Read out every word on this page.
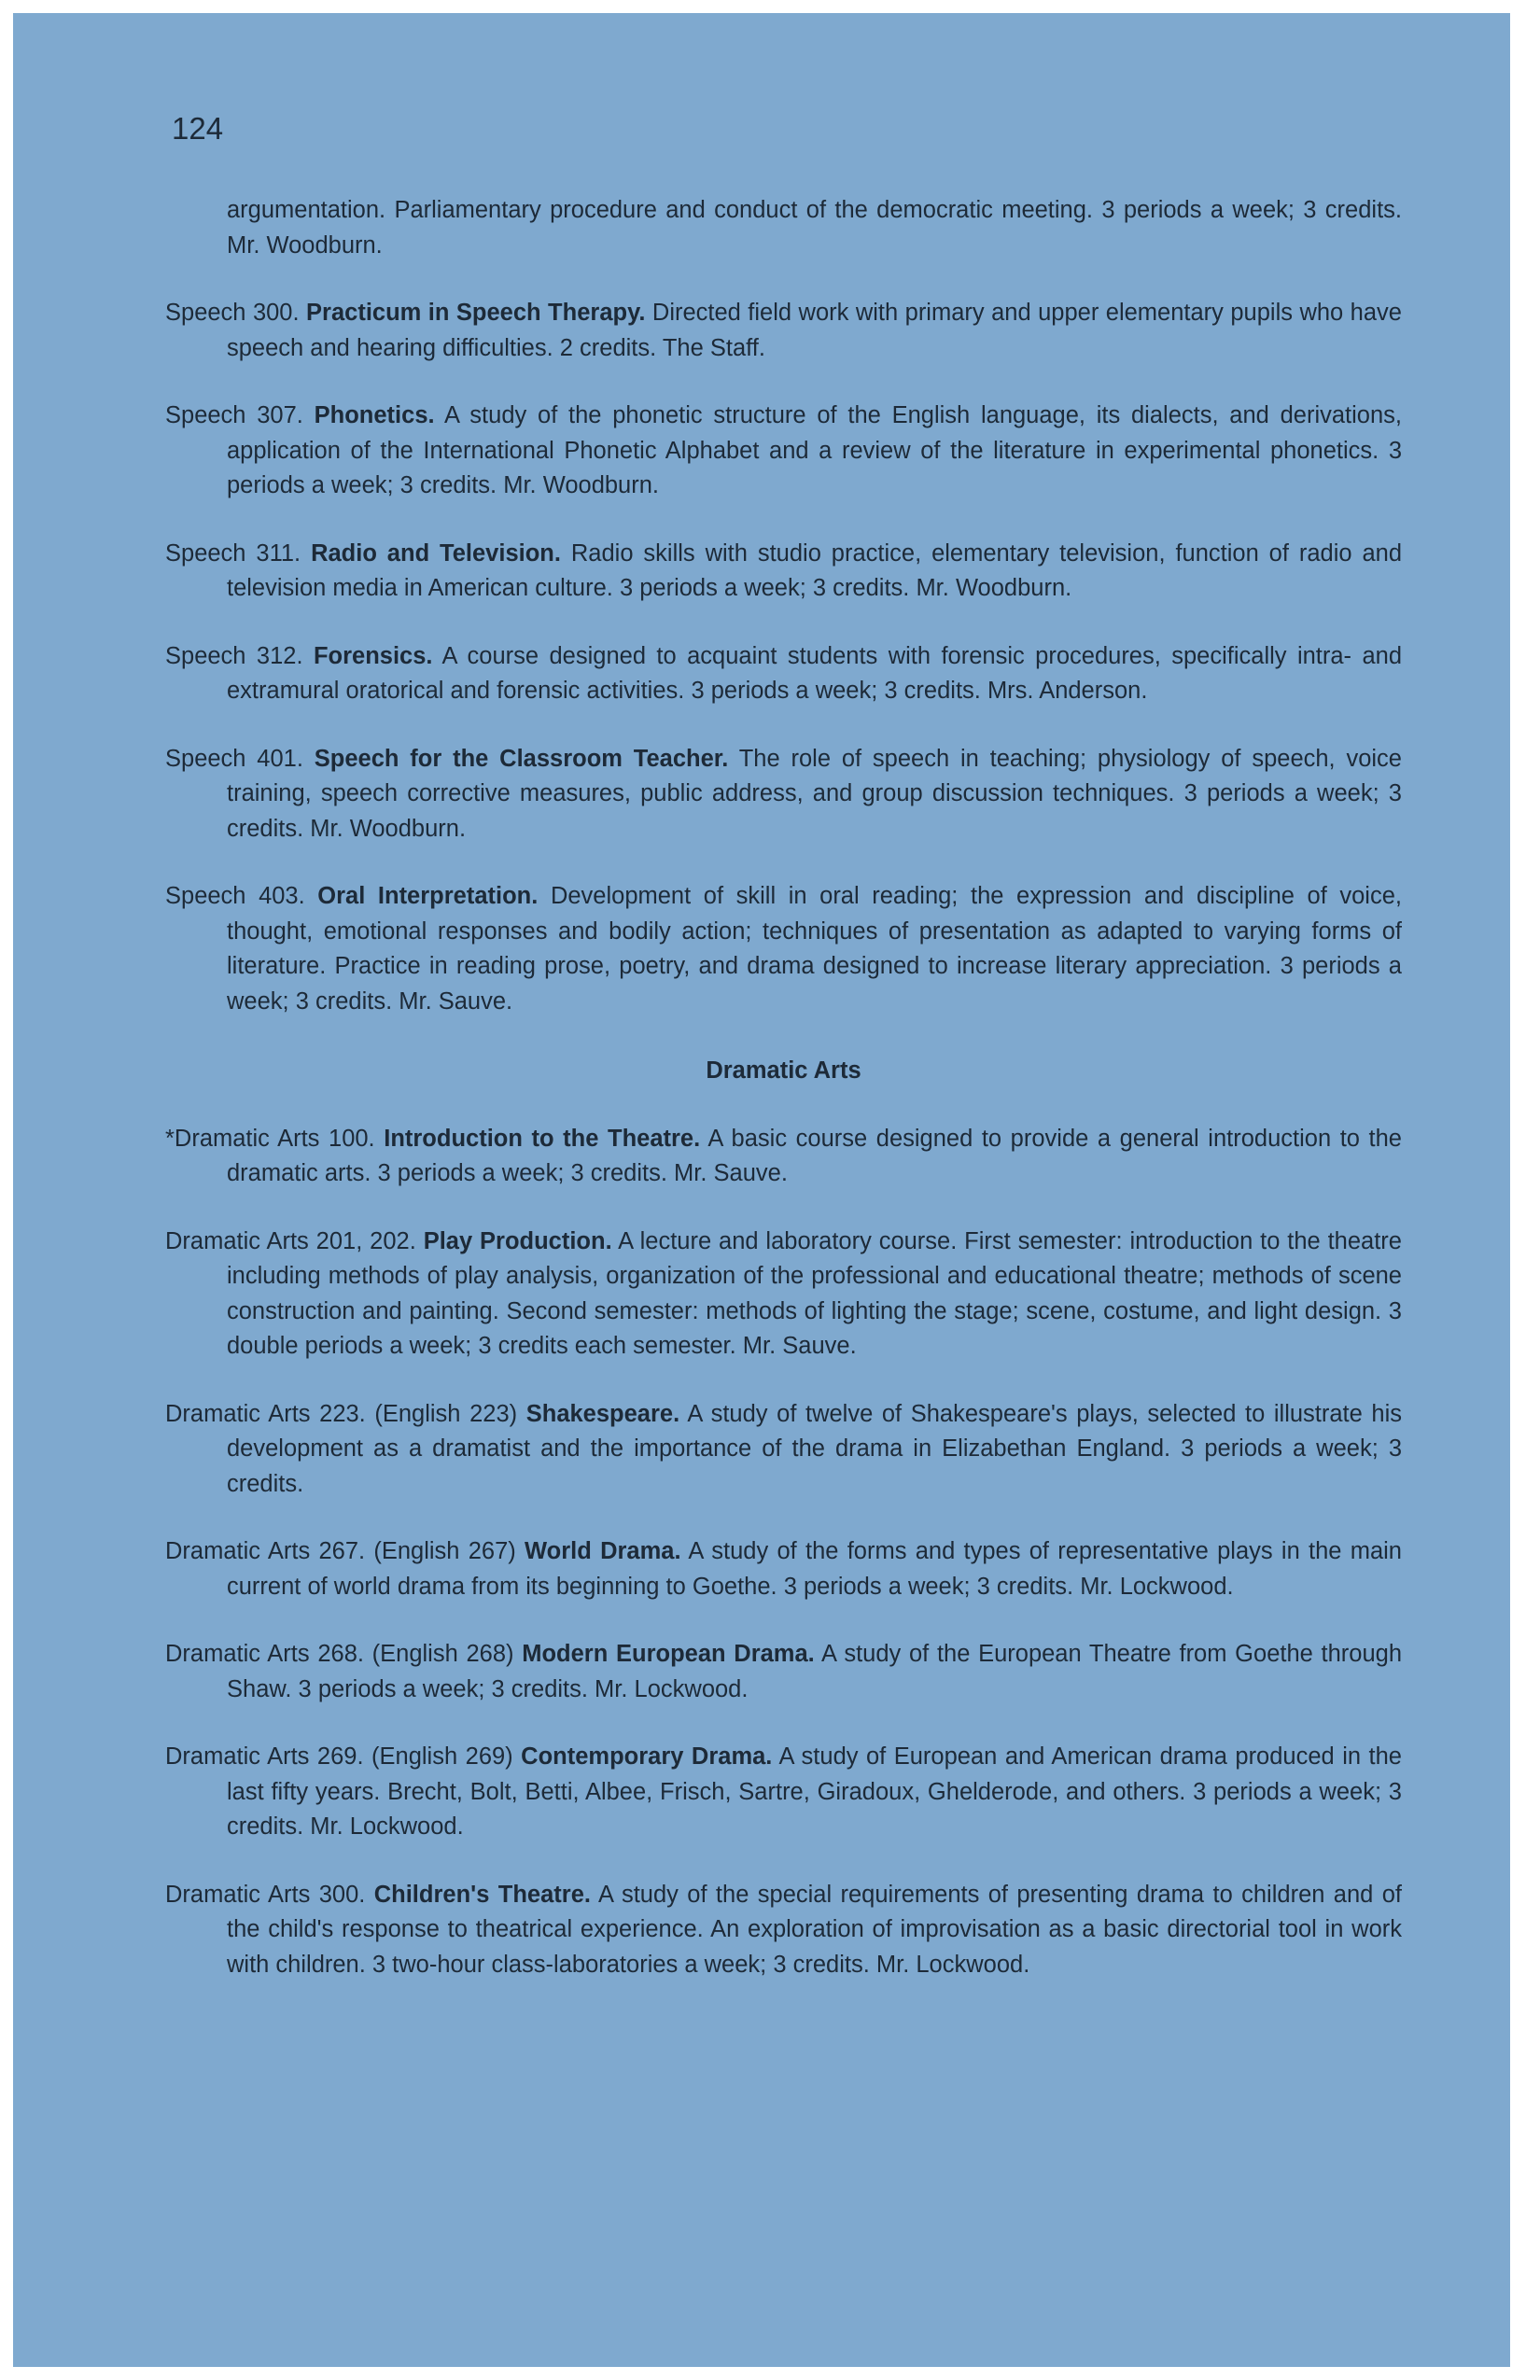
124

argumentation. Parliamentary procedure and conduct of the democratic meeting. 3 periods a week; 3 credits. Mr. Woodburn.

Speech 300. Practicum in Speech Therapy. Directed field work with primary and upper elementary pupils who have speech and hearing difficulties. 2 credits. The Staff.

Speech 307. Phonetics. A study of the phonetic structure of the English language, its dialects, and derivations, application of the International Phonetic Alphabet and a review of the literature in experimental phonetics. 3 periods a week; 3 credits. Mr. Woodburn.

Speech 311. Radio and Television. Radio skills with studio practice, elementary television, function of radio and television media in American culture. 3 periods a week; 3 credits. Mr. Woodburn.

Speech 312. Forensics. A course designed to acquaint students with forensic procedures, specifically intra- and extramural oratorical and forensic activities. 3 periods a week; 3 credits. Mrs. Anderson.

Speech 401. Speech for the Classroom Teacher. The role of speech in teaching; physiology of speech, voice training, speech corrective measures, public address, and group discussion techniques. 3 periods a week; 3 credits. Mr. Woodburn.

Speech 403. Oral Interpretation. Development of skill in oral reading; the expression and discipline of voice, thought, emotional responses and bodily action; techniques of presentation as adapted to varying forms of literature. Practice in reading prose, poetry, and drama designed to increase literary appreciation. 3 periods a week; 3 credits. Mr. Sauve.

Dramatic Arts

*Dramatic Arts 100. Introduction to the Theatre. A basic course designed to provide a general introduction to the dramatic arts. 3 periods a week; 3 credits. Mr. Sauve.

Dramatic Arts 201, 202. Play Production. A lecture and laboratory course. First semester: introduction to the theatre including methods of play analysis, organization of the professional and educational theatre; methods of scene construction and painting. Second semester: methods of lighting the stage; scene, costume, and light design. 3 double periods a week; 3 credits each semester. Mr. Sauve.

Dramatic Arts 223. (English 223) Shakespeare. A study of twelve of Shakespeare's plays, selected to illustrate his development as a dramatist and the importance of the drama in Elizabethan England. 3 periods a week; 3 credits.

Dramatic Arts 267. (English 267) World Drama. A study of the forms and types of representative plays in the main current of world drama from its beginning to Goethe. 3 periods a week; 3 credits. Mr. Lockwood.

Dramatic Arts 268. (English 268) Modern European Drama. A study of the European Theatre from Goethe through Shaw. 3 periods a week; 3 credits. Mr. Lockwood.

Dramatic Arts 269. (English 269) Contemporary Drama. A study of European and American drama produced in the last fifty years. Brecht, Bolt, Betti, Albee, Frisch, Sartre, Giradoux, Ghelderode, and others. 3 periods a week; 3 credits. Mr. Lockwood.

Dramatic Arts 300. Children's Theatre. A study of the special requirements of presenting drama to children and of the child's response to theatrical experience. An exploration of improvisation as a basic directorial tool in work with children. 3 two-hour class-laboratories a week; 3 credits. Mr. Lockwood.
